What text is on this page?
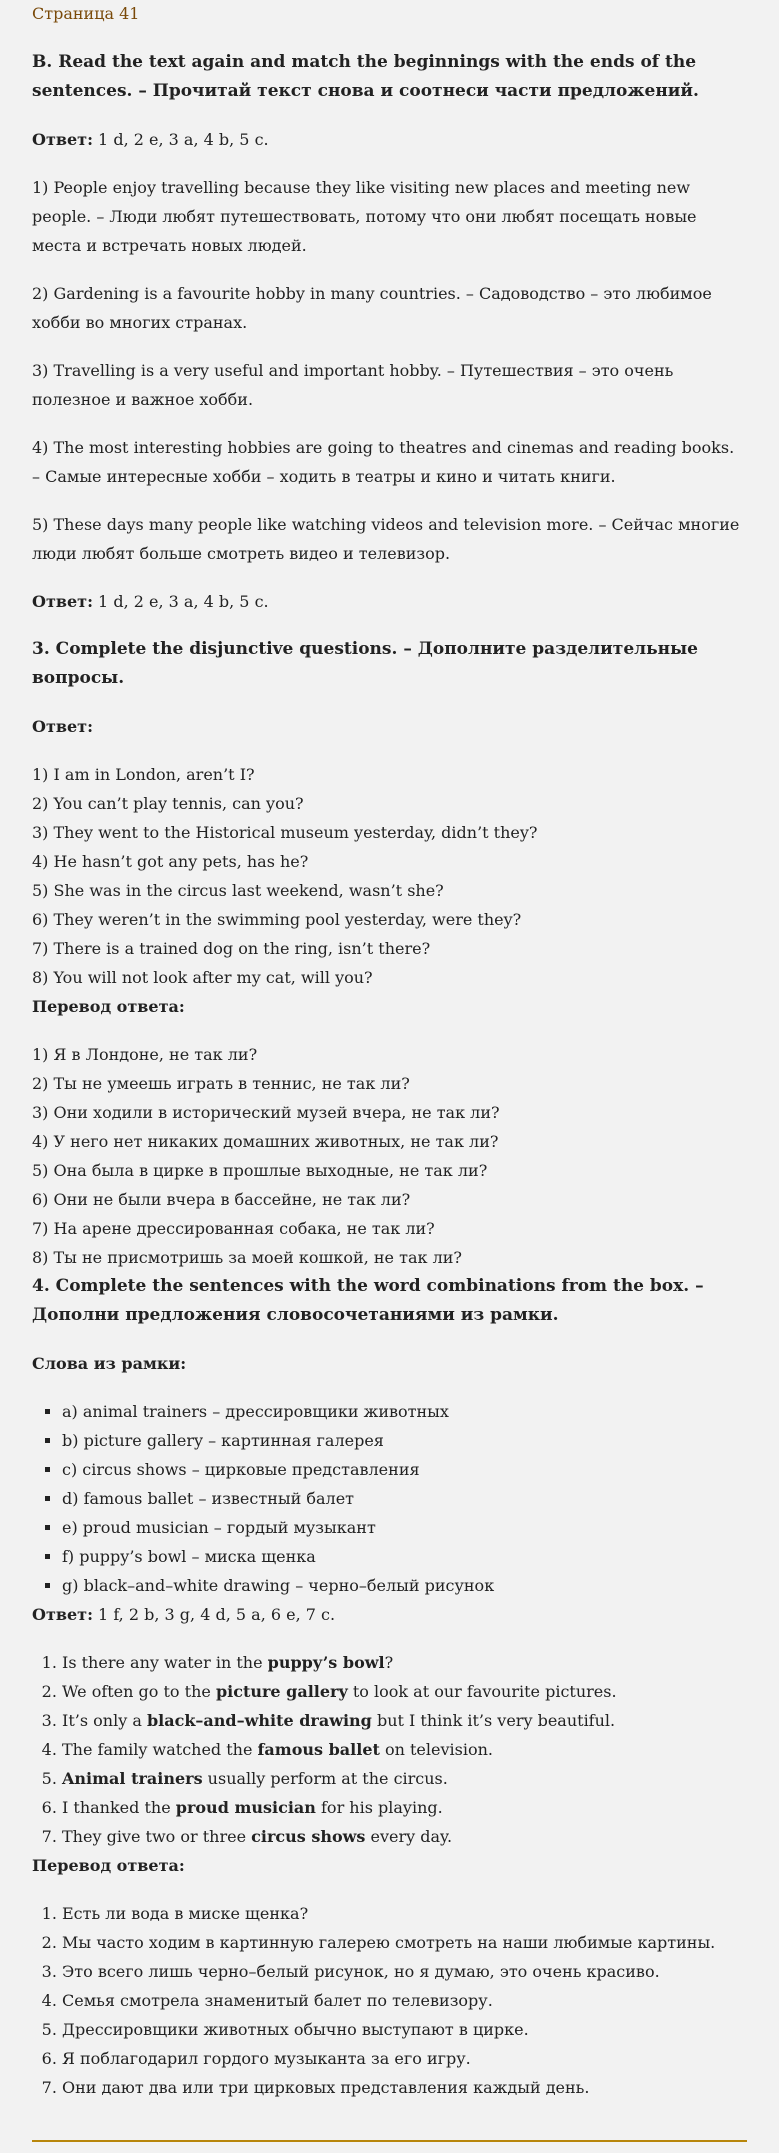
Страница 41
B. Read the text again and match the beginnings with the ends of the sentences. – Прочитай текст снова и соотнеси части предложений.

Ответ: 1 d, 2 e, 3 a, 4 b, 5 c.

1) People enjoy travelling because they like visiting new places and meeting new people. – Люди любят путешествовать, потому что они любят посещать новые места и встречать новых людей.

2) Gardening is a favourite hobby in many countries. – Садоводство – это любимое хобби во многих странах.

3) Travelling is a very useful and important hobby. – Путешествия – это очень полезное и важное хобби.

4) The most interesting hobbies are going to theatres and cinemas and reading books. – Самые интересные хобби – ходить в театры и кино и читать книги.

5) These days many people like watching videos and television more. – Сейчас многие люди любят больше смотреть видео и телевизор.

Ответ: 1 d, 2 e, 3 a, 4 b, 5 c.

3. Complete the disjunctive questions. – Дополните разделительные вопросы.

Ответ:

1) I am in London, aren’t I?
2) You can’t play tennis, can you?
3) They went to the Historical museum yesterday, didn’t they?
4) He hasn’t got any pets, has he?
5) She was in the circus last weekend, wasn’t she?
6) They weren’t in the swimming pool yesterday, were they?
7) There is a trained dog on the ring, isn’t there?
8) You will not look after my cat, will you?

Перевод ответа:

1) Я в Лондоне, не так ли?
2) Ты не умеешь играть в теннис, не так ли?
3) Они ходили в исторический музей вчера, не так ли?
4) У него нет никаких домашних животных, не так ли?
5) Она была в цирке в прошлые выходные, не так ли?
6) Они не были вчера в бассейне, не так ли?
7) На арене дрессированная собака, не так ли?
8) Ты не присмотришь за моей кошкой, не так ли?
4. Complete the sentences with the word combinations from the box. – Дополни предложения словосочетаниями из рамки.

Слова из рамки:

▪ a) animal trainers – дрессировщики животных
▪ b) picture gallery – картинная галерея
▪ c) circus shows – цирковые представления
▪ d) famous ballet – известный балет
▪ e) proud musician – гордый музыкант
▪ f) puppy’s bowl – миска щенка
▪ g) black–and–white drawing – черно–белый рисунок

Ответ: 1 f, 2 b, 3 g, 4 d, 5 a, 6 e, 7 c.

1. Is there any water in the puppy’s bowl?
2. We often go to the picture gallery to look at our favourite pictures.
3. It’s only a black–and–white drawing but I think it’s very beautiful.
4. The family watched the famous ballet on television.
5. Animal trainers usually perform at the circus.
6. I thanked the proud musician for his playing.
7. They give two or three circus shows every day.

Перевод ответа:

1. Есть ли вода в миске щенка?
2. Мы часто ходим в картинную галерею смотреть на наши любимые картины.
3. Это всего лишь черно–белый рисунок, но я думаю, это очень красиво.
4. Семья смотрела знаменитый балет по телевизору.
5. Дрессировщики животных обычно выступают в цирке.
6. Я поблагодарил гордого музыканта за его игру.
7. Они дают два или три цирковых представления каждый день.
